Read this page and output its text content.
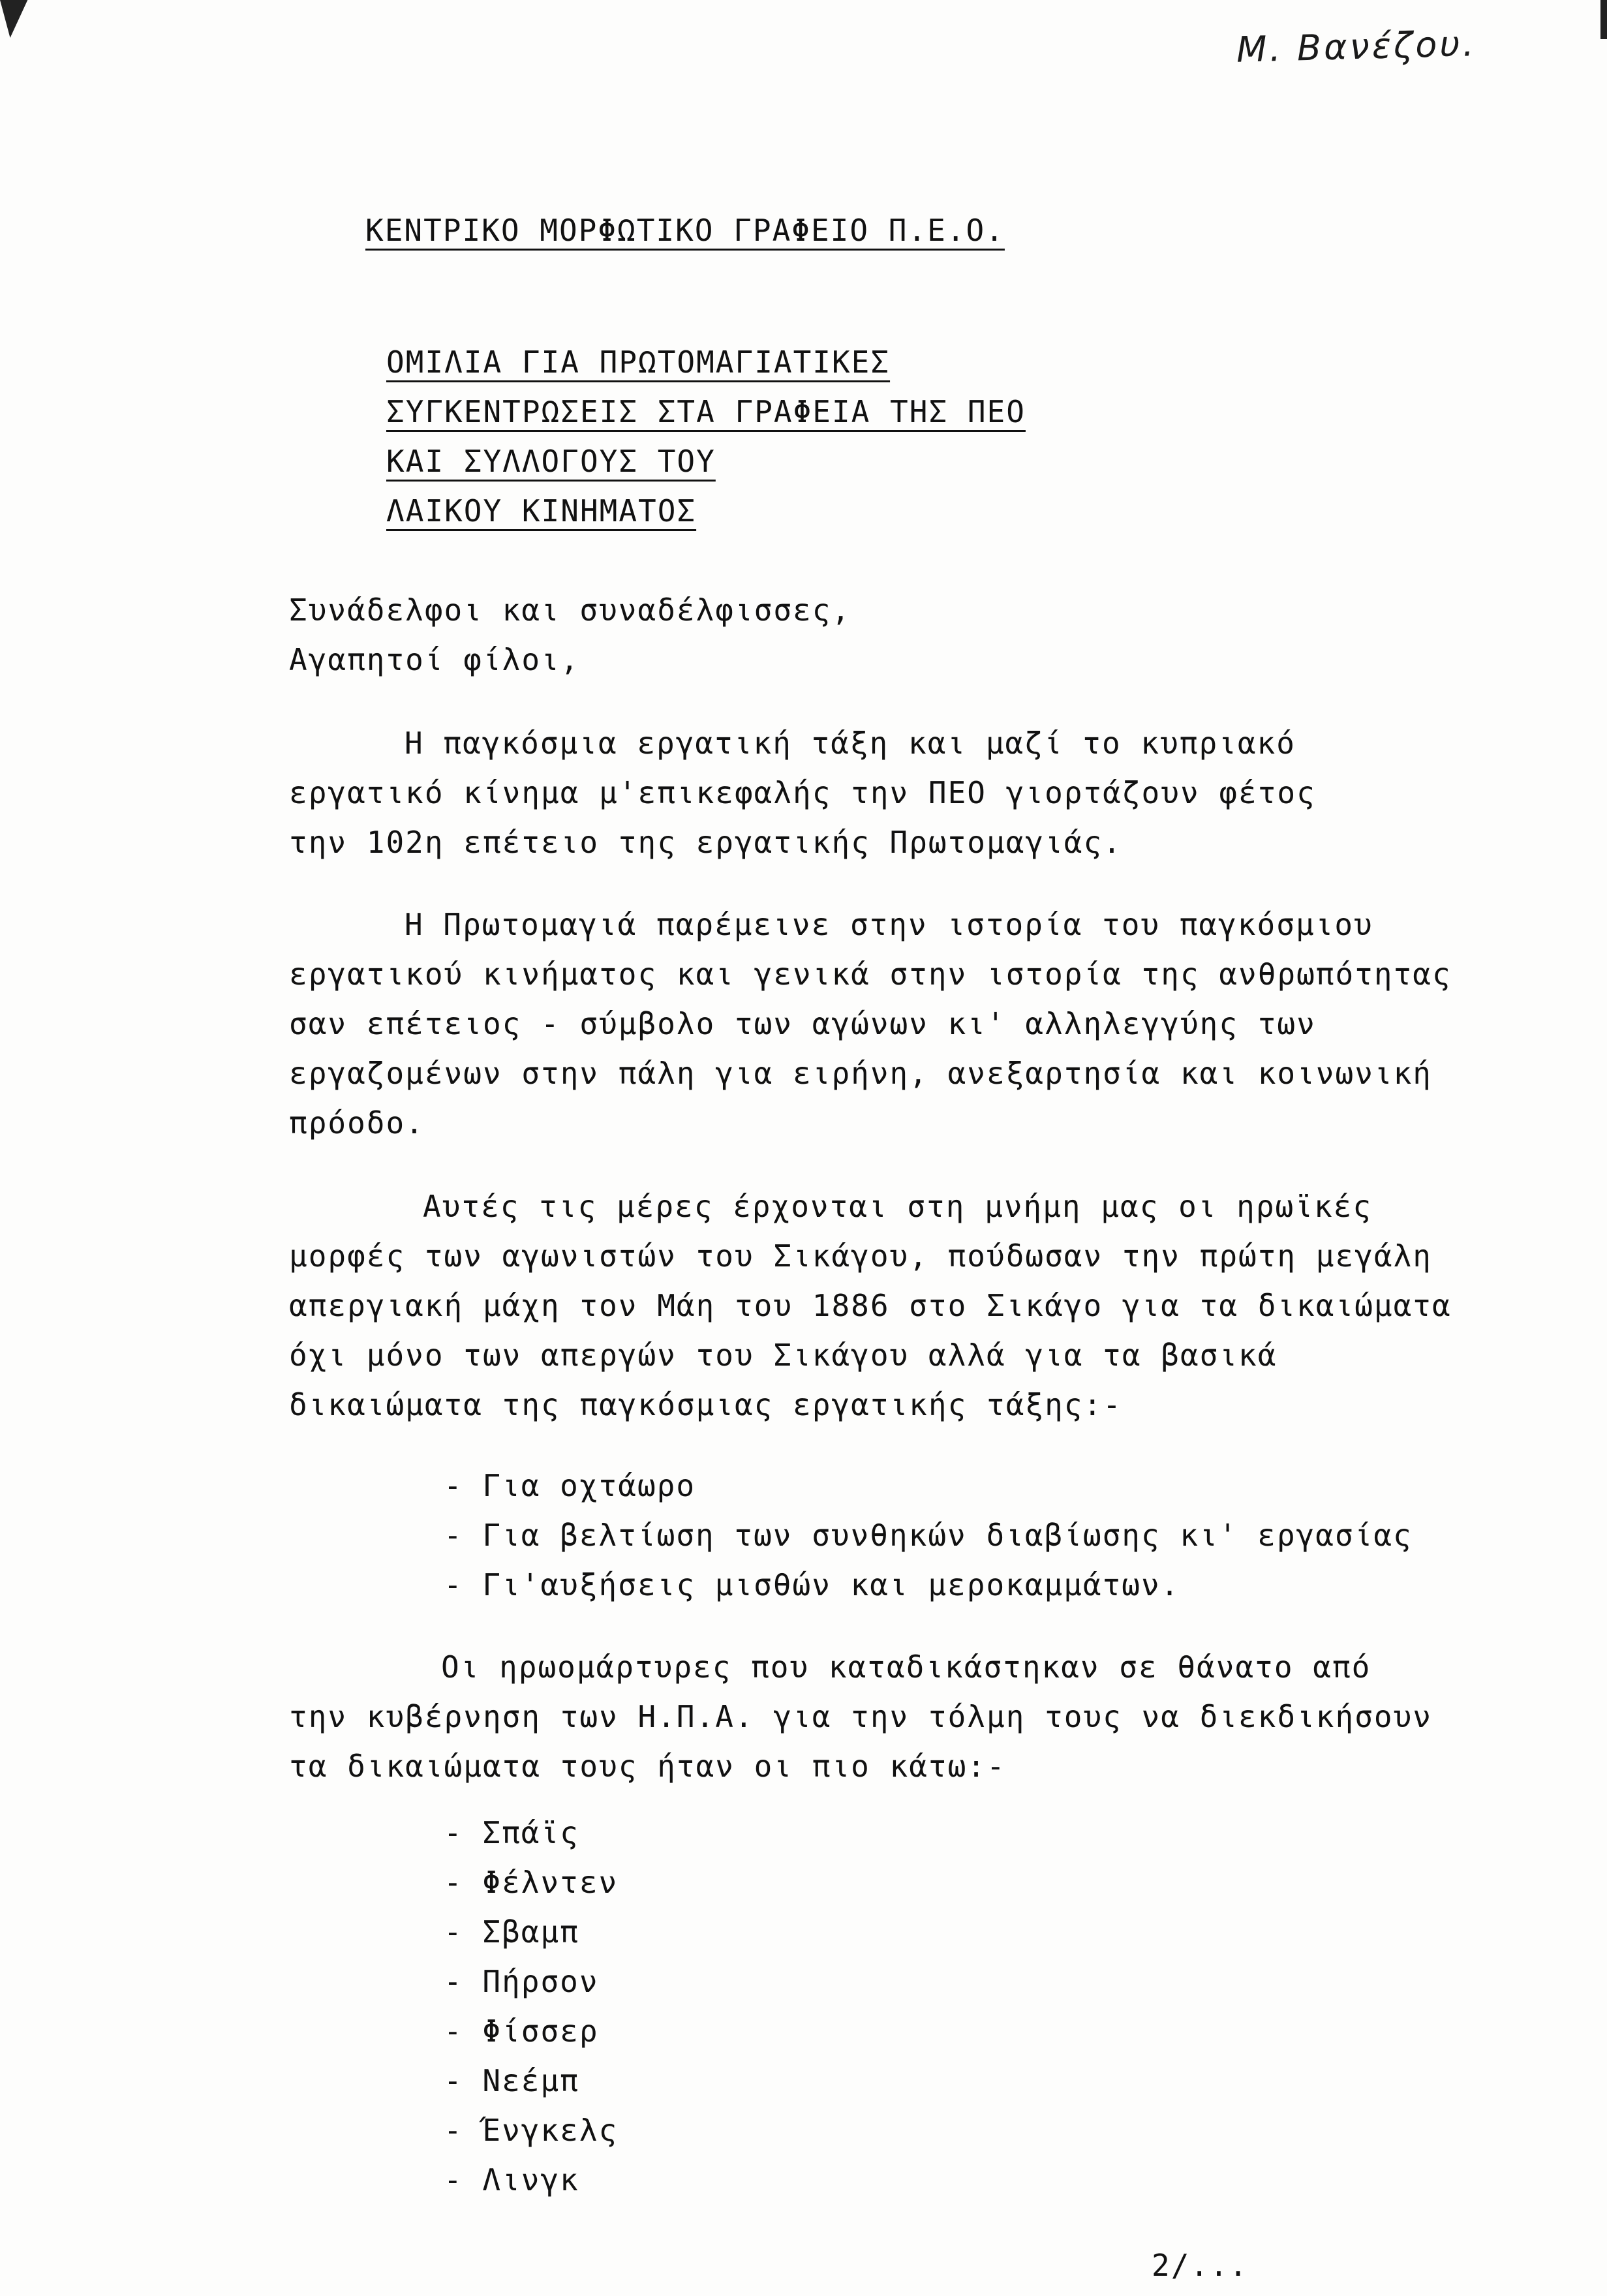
Μ. Βανέζου.
ΚΕΝΤΡΙΚΟ ΜΟΡΦΩΤΙΚΟ ΓΡΑΦΕΙΟ Π.Ε.Ο.
ΟΜΙΛΙΑ ΓΙΑ ΠΡΩΤΟΜΑΓΙΑΤΙΚΕΣ
ΣΥΓΚΕΝΤΡΩΣΕΙΣ ΣΤΑ ΓΡΑΦΕΙΑ ΤΗΣ ΠΕΟ
ΚΑΙ ΣΥΛΛΟΓΟΥΣ ΤΟΥ
ΛΑΙΚΟΥ ΚΙΝΗΜΑΤΟΣ
Συνάδελφοι και συναδέλφισσες,
Αγαπητοί φίλοι,
Η παγκόσμια εργατική τάξη και μαζί το κυπριακό
εργατικό κίνημα μ'επικεφαλής την ΠΕΟ γιορτάζουν φέτος
την 102η επέτειο της εργατικής Πρωτομαγιάς.
Η Πρωτομαγιά παρέμεινε στην ιστορία του παγκόσμιου
εργατικού κινήματος και γενικά στην ιστορία της ανθρωπότητας
σαν επέτειος - σύμβολο των αγώνων κι' αλληλεγγύης των
εργαζομένων στην πάλη για ειρήνη, ανεξαρτησία και κοινωνική
πρόοδο.
Αυτές τις μέρες έρχονται στη μνήμη μας οι ηρωϊκές
μορφές των αγωνιστών του Σικάγου, πούδωσαν την πρώτη μεγάλη
απεργιακή μάχη τον Μάη του 1886 στο Σικάγο για τα δικαιώματα
όχι μόνο των απεργών του Σικάγου αλλά για τα βασικά
δικαιώματα της παγκόσμιας εργατικής τάξης:-
- Για οχτάωρο
- Για βελτίωση των συνθηκών διαβίωσης κι' εργασίας
- Γι'αυξήσεις μισθών και μεροκαμμάτων.
Οι ηρωομάρτυρες που καταδικάστηκαν σε θάνατο από
την κυβέρνηση των Η.Π.Α. για την τόλμη τους να διεκδικήσουν
τα δικαιώματα τους ήταν οι πιο κάτω:-
- Σπάϊς
- Φέλντεν
- Σβαμπ
- Πήρσον
- Φίσσερ
- Νεέμπ
- Ένγκελς
- Λινγκ
2/...
